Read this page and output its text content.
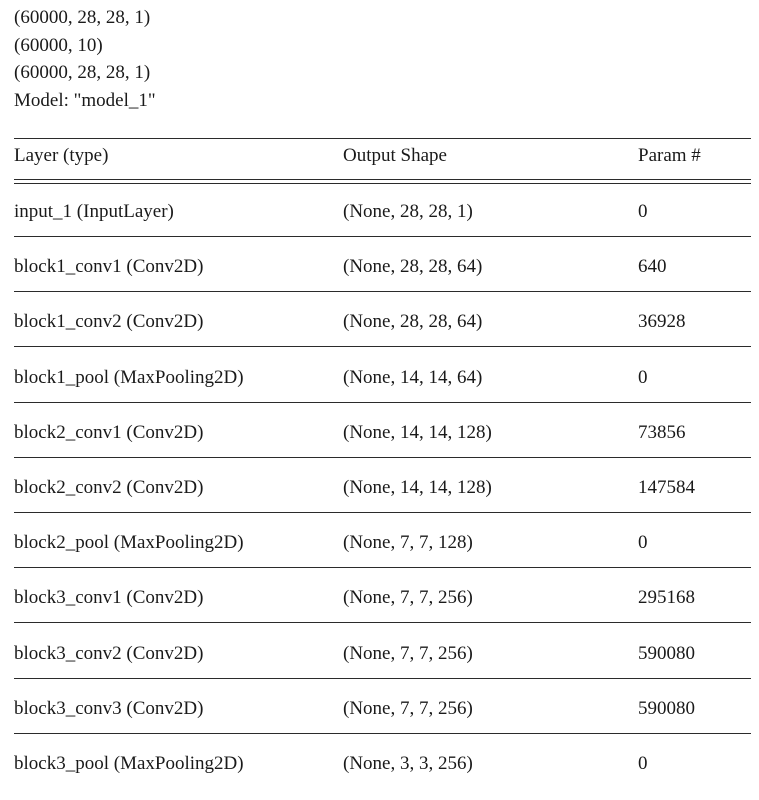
(60000, 28, 28, 1)
(60000, 10)
(60000, 28, 28, 1)
Model: "model_1"
Layer (type)	Output Shape	Param #
input_1 (InputLayer)	(None, 28, 28, 1)	0
block1_conv1 (Conv2D)	(None, 28, 28, 64)	640
block1_conv2 (Conv2D)	(None, 28, 28, 64)	36928
block1_pool (MaxPooling2D)	(None, 14, 14, 64)	0
block2_conv1 (Conv2D)	(None, 14, 14, 128)	73856
block2_conv2 (Conv2D)	(None, 14, 14, 128)	147584
block2_pool (MaxPooling2D)	(None, 7, 7, 128)	0
block3_conv1 (Conv2D)	(None, 7, 7, 256)	295168
block3_conv2 (Conv2D)	(None, 7, 7, 256)	590080
block3_conv3 (Conv2D)	(None, 7, 7, 256)	590080
block3_pool (MaxPooling2D)	(None, 3, 3, 256)	0
